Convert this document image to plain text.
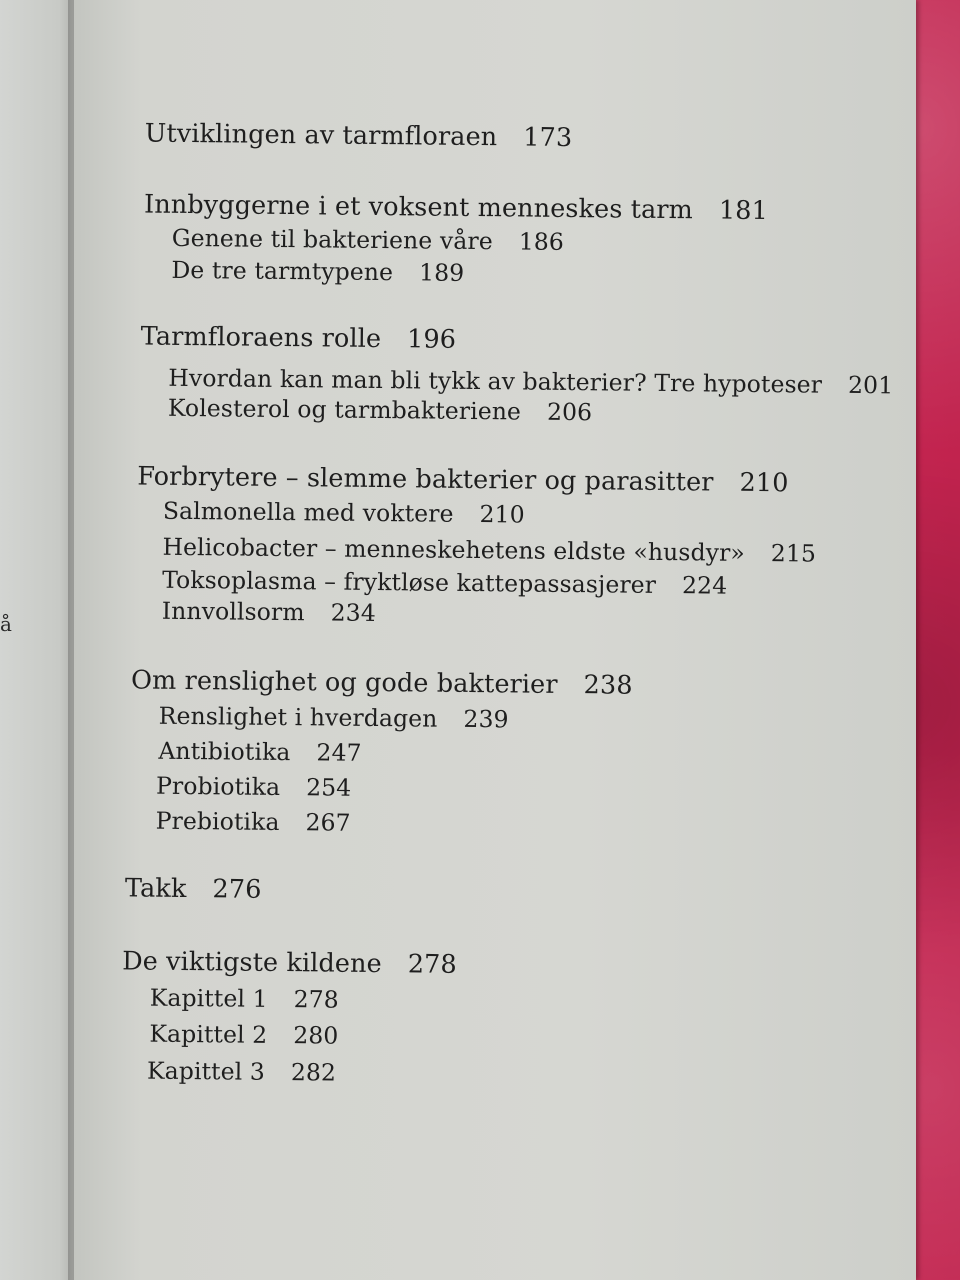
å
Utviklingen av tarmfloraen 173
Innbyggerne i et voksent menneskes tarm 181
Genene til bakteriene våre 186
De tre tarmtypene 189
Tarmfloraens rolle 196
Hvordan kan man bli tykk av bakterier? Tre hypoteser 201
Kolesterol og tarmbakteriene 206
Forbrytere – slemme bakterier og parasitter 210
Salmonella med voktere 210
Helicobacter – menneskehetens eldste «husdyr» 215
Toksoplasma – fryktløse kattepassasjerer 224
Innvollsorm 234
Om renslighet og gode bakterier 238
Renslighet i hverdagen 239
Antibiotika 247
Probiotika 254
Prebiotika 267
Takk 276
De viktigste kildene 278
Kapittel 1 278
Kapittel 2 280
Kapittel 3 282
